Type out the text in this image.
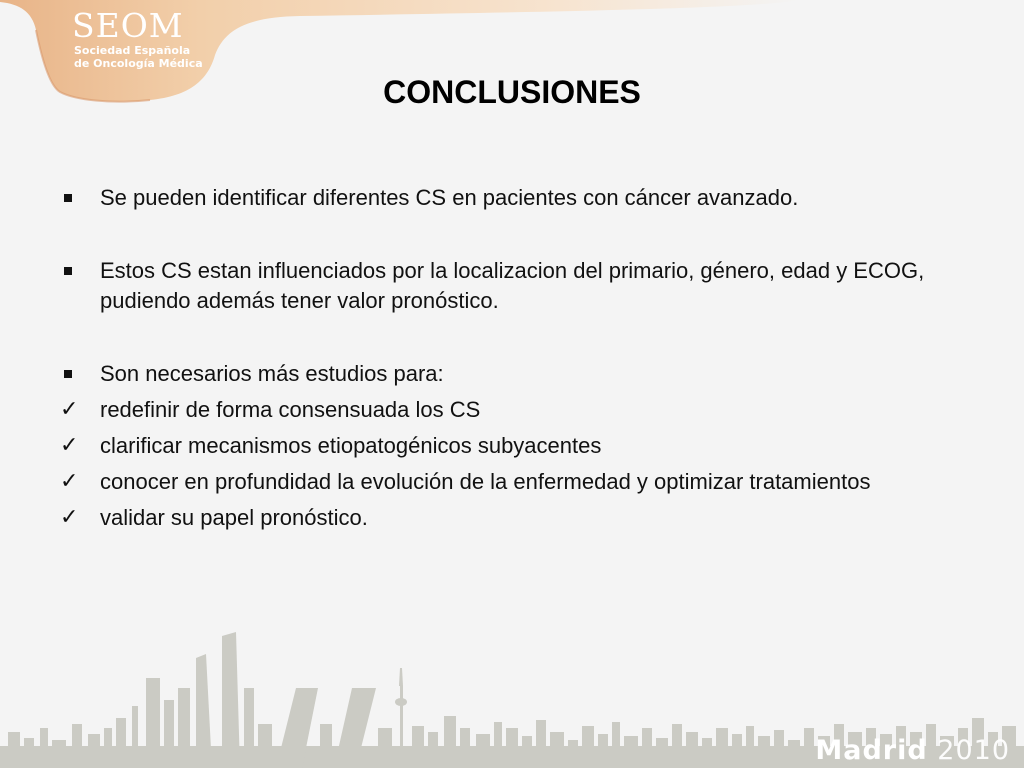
SEOM
Sociedad Española
de Oncología Médica
CONCLUSIONES
Se pueden identificar diferentes CS en pacientes con cáncer avanzado.
Estos CS estan influenciados por la localizacion del primario, género, edad y ECOG, pudiendo además tener valor pronóstico.
Son necesarios más estudios para:
✓ redefinir de forma consensuada los CS
✓ clarificar mecanismos etiopatogénicos subyacentes
✓ conocer en profundidad la evolución de la enfermedad y optimizar tratamientos
✓ validar su papel pronóstico.
Madrid 2010
